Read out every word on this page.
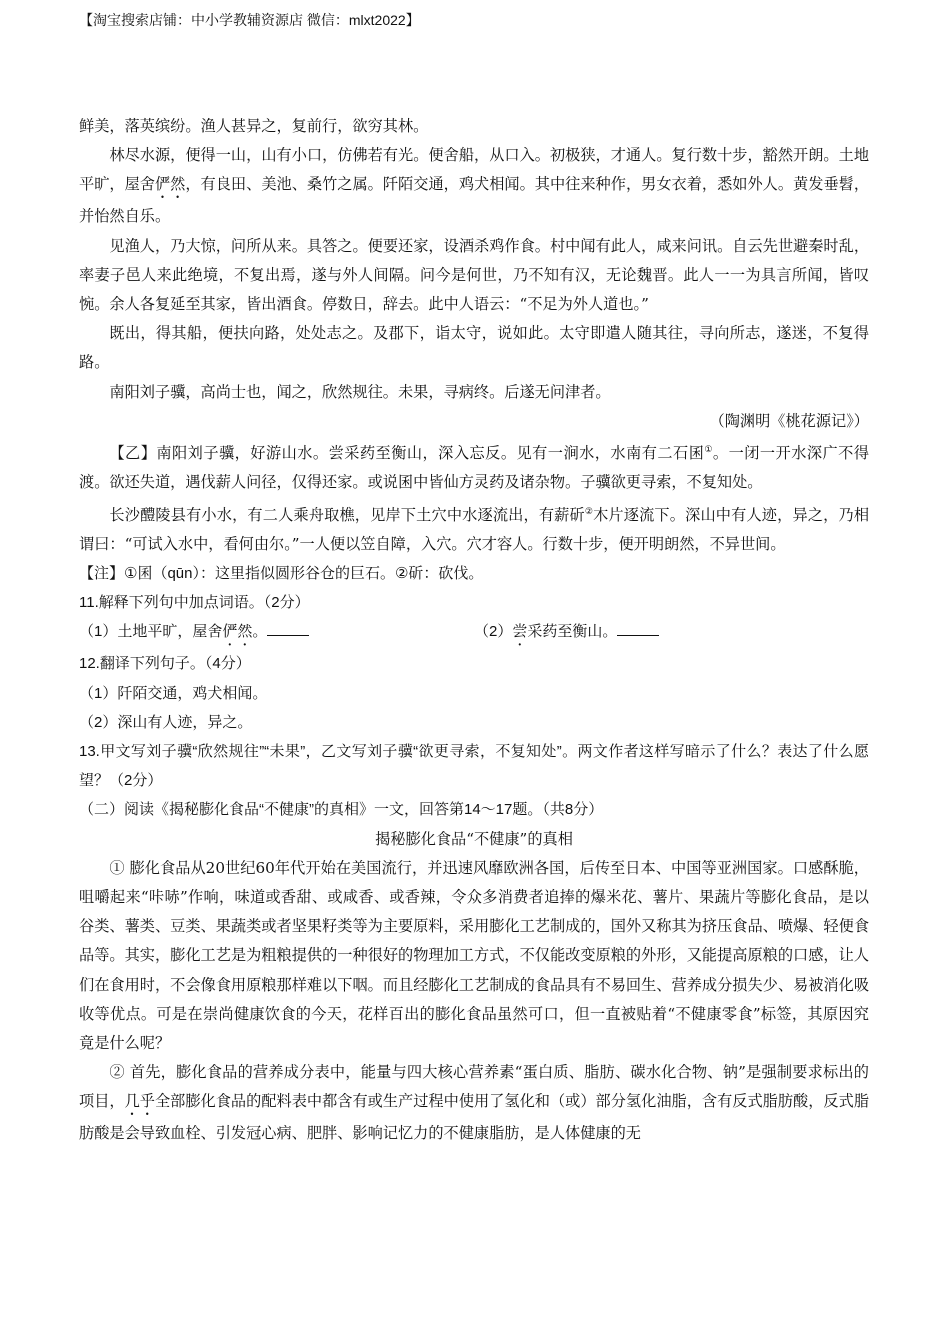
【淘宝搜索店铺：中小学教辅资源店 微信：mlxt2022】

鲜美，落英缤纷。渔人甚异之，复前行，欲穷其林。

林尽水源，便得一山，山有小口，仿佛若有光。便舍船，从口入。初极狭，才通人。复行数十步，豁然开朗。土地平旷，屋舍俨然，有良田、美池、桑竹之属。阡陌交通，鸡犬相闻。其中往来种作，男女衣着，悉如外人。黄发垂髫，并怡然自乐。

见渔人，乃大惊，问所从来。具答之。便要还家，设酒杀鸡作食。村中闻有此人，咸来问讯。自云先世避秦时乱，率妻子邑人来此绝境，不复出焉，遂与外人间隔。问今是何世，乃不知有汉，无论魏晋。此人一一为具言所闻，皆叹惋。余人各复延至其家，皆出酒食。停数日，辞去。此中人语云：“不足为外人道也。”

既出，得其船，便扶向路，处处志之。及郡下，诣太守，说如此。太守即遣人随其往，寻向所志，遂迷，不复得路。

南阳刘子骥，高尚士也，闻之，欣然规往。未果，寻病终。后遂无问津者。

（陶渊明《桃花源记》）

【乙】南阳刘子骥，好游山水。尝采药至衡山，深入忘反。见有一涧水，水南有二石囷①。一闭一开水深广不得渡。欲还失道，遇伐薪人问径，仅得还家。或说囷中皆仙方灵药及诸杂物。子骥欲更寻索，不复知处。

长沙醴陵县有小水，有二人乘舟取樵，见岸下土穴中水逐流出，有薪斫②木片逐流下。深山中有人迹，异之，乃相谓曰：“可试入水中，看何由尔。”一人便以笠自障，入穴。穴才容人。行数十步，便开明朗然，不异世间。

【注】①囷（qūn）：这里指似圆形谷仓的巨石。②斫：砍伐。

11.解释下列句中加点词语。（2分）

（1）土地平旷，屋舍俨然。	（2）尝采药至衡山。

12.翻译下列句子。（4分）

（1）阡陌交通，鸡犬相闻。

（2）深山有人迹，异之。

13.甲文写刘子骥“欣然规往”“未果”，乙文写刘子骥“欲更寻索，不复知处”。两文作者这样写暗示了什么？表达了什么愿望？（2分）

（二）阅读《揭秘膨化食品“不健康”的真相》一文，回答第14～17题。（共8分）

揭秘膨化食品“不健康”的真相

① 膨化食品从20世纪60年代开始在美国流行，并迅速风靡欧洲各国，后传至日本、中国等亚洲国家。口感酥脆，咀嚼起来“咔哧”作响，味道或香甜、或咸香、或香辣，令众多消费者追捧的爆米花、薯片、果蔬片等膨化食品，是以谷类、薯类、豆类、果蔬类或者坚果籽类等为主要原料，采用膨化工艺制成的，国外又称其为挤压食品、喷爆、轻便食品等。其实，膨化工艺是为粗粮提供的一种很好的物理加工方式，不仅能改变原粮的外形，又能提高原粮的口感，让人们在食用时，不会像食用原粮那样难以下咽。而且经膨化工艺制成的食品具有不易回生、营养成分损失少、易被消化吸收等优点。可是在崇尚健康饮食的今天，花样百出的膨化食品虽然可口，但一直被贴着“不健康零食”标签，其原因究竟是什么呢？

② 首先，膨化食品的营养成分表中，能量与四大核心营养素“蛋白质、脂肪、碳水化合物、钠”是强制要求标出的项目，几乎全部膨化食品的配料表中都含有或生产过程中使用了氢化和（或）部分氢化油脂，含有反式脂肪酸，反式脂肪酸是会导致血栓、引发冠心病、肥胖、影响记忆力的不健康脂肪，是人体健康的无
